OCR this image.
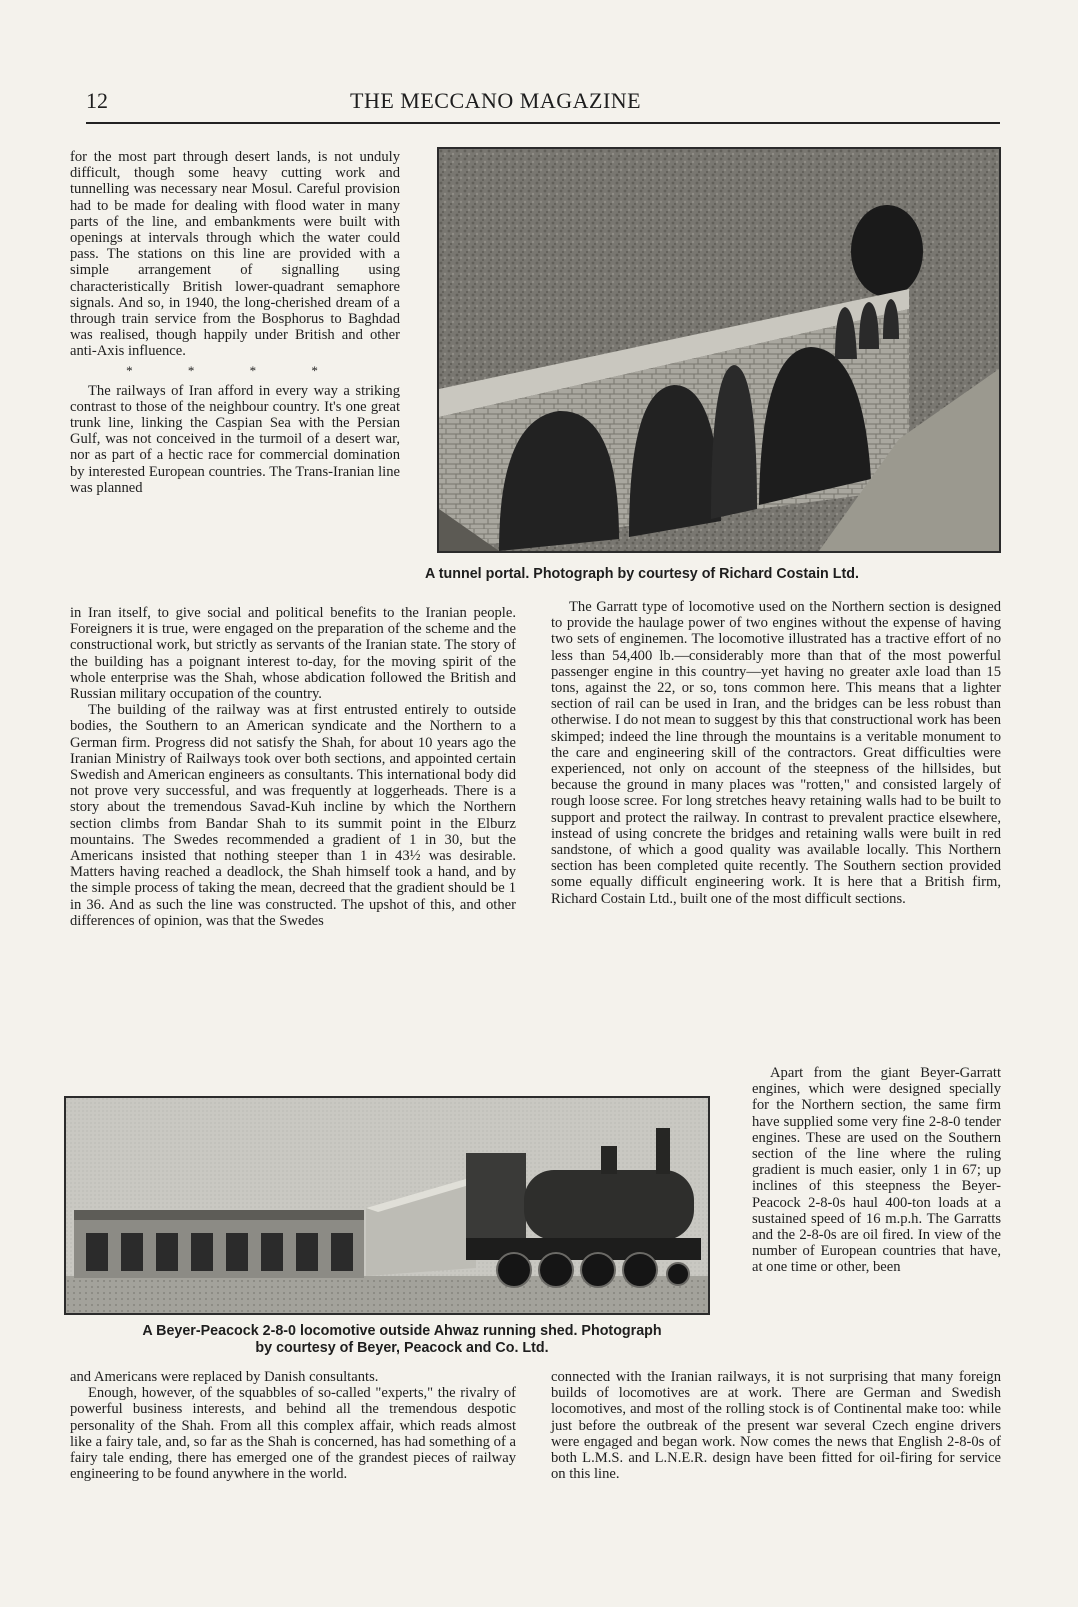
12	THE MECCANO MAGAZINE

for the most part through desert lands, is not unduly difficult, though some heavy cutting work and tunnelling was necessary near Mosul. Careful provision had to be made for dealing with flood water in many parts of the line, and embankments were built with openings at intervals through which the water could pass. The stations on this line are provided with a simple arrangement of signalling using characteristically British lower-quadrant semaphore signals. And so, in 1940, the long-cherished dream of a through train service from the Bosphorus to Baghdad was realised, though happily under British and other anti-Axis influence.

* * * *

The railways of Iran afford in every way a striking contrast to those of the neighbour country. It's one great trunk line, linking the Caspian Sea with the Persian Gulf, was not conceived in the turmoil of a desert war, nor as part of a hectic race for commercial domination by interested European countries. The Trans-Iranian line was planned

A tunnel portal. Photograph by courtesy of Richard Costain Ltd.

in Iran itself, to give social and political benefits to the Iranian people. Foreigners it is true, were engaged on the preparation of the scheme and the constructional work, but strictly as servants of the Iranian state. The story of the building has a poignant interest to-day, for the moving spirit of the whole enterprise was the Shah, whose abdication followed the British and Russian military occupation of the country.

The building of the railway was at first entrusted entirely to outside bodies, the Southern to an American syndicate and the Northern to a German firm. Progress did not satisfy the Shah, for about 10 years ago the Iranian Ministry of Railways took over both sections, and appointed certain Swedish and American engineers as consultants. This international body did not prove very successful, and was frequently at loggerheads. There is a story about the tremendous Savad-Kuh incline by which the Northern section climbs from Bandar Shah to its summit point in the Elburz mountains. The Swedes recommended a gradient of 1 in 30, but the Americans insisted that nothing steeper than 1 in 43½ was desirable. Matters having reached a deadlock, the Shah himself took a hand, and by the simple process of taking the mean, decreed that the gradient should be 1 in 36. And as such the line was constructed. The upshot of this, and other differences of opinion, was that the Swedes

The Garratt type of locomotive used on the Northern section is designed to provide the haulage power of two engines without the expense of having two sets of enginemen. The locomotive illustrated has a tractive effort of no less than 54,400 lb.—considerably more than that of the most powerful passenger engine in this country—yet having no greater axle load than 15 tons, against the 22, or so, tons common here. This means that a lighter section of rail can be used in Iran, and the bridges can be less robust than otherwise. I do not mean to suggest by this that constructional work has been skimped; indeed the line through the mountains is a veritable monument to the care and engineering skill of the contractors. Great difficulties were experienced, not only on account of the steepness of the hillsides, but because the ground in many places was "rotten," and consisted largely of rough loose scree. For long stretches heavy retaining walls had to be built to support and protect the railway. In contrast to prevalent practice elsewhere, instead of using concrete the bridges and retaining walls were built in red sandstone, of which a good quality was available locally. This Northern section has been completed quite recently. The Southern section provided some equally difficult engineering work. It is here that a British firm, Richard Costain Ltd., built one of the most difficult sections.

Apart from the giant Beyer-Garratt engines, which were designed specially for the Northern section, the same firm have supplied some very fine 2-8-0 tender engines. These are used on the Southern section of the line where the ruling gradient is much easier, only 1 in 67; up inclines of this steepness the Beyer-Peacock 2-8-0s haul 400-ton loads at a sustained speed of 16 m.p.h. The Garratts and the 2-8-0s are oil fired. In view of the number of European countries that have, at one time or other, been

A Beyer-Peacock 2-8-0 locomotive outside Ahwaz running shed. Photograph
by courtesy of Beyer, Peacock and Co. Ltd.

and Americans were replaced by Danish consultants.

Enough, however, of the squabbles of so-called "experts," the rivalry of powerful business interests, and behind all the tremendous despotic personality of the Shah. From all this complex affair, which reads almost like a fairy tale, and, so far as the Shah is concerned, has had something of a fairy tale ending, there has emerged one of the grandest pieces of railway engineering to be found anywhere in the world.

connected with the Iranian railways, it is not surprising that many foreign builds of locomotives are at work. There are German and Swedish locomotives, and most of the rolling stock is of Continental make too: while just before the outbreak of the present war several Czech engine drivers were engaged and began work. Now comes the news that English 2-8-0s of both L.M.S. and L.N.E.R. design have been fitted for oil-firing for service on this line.
